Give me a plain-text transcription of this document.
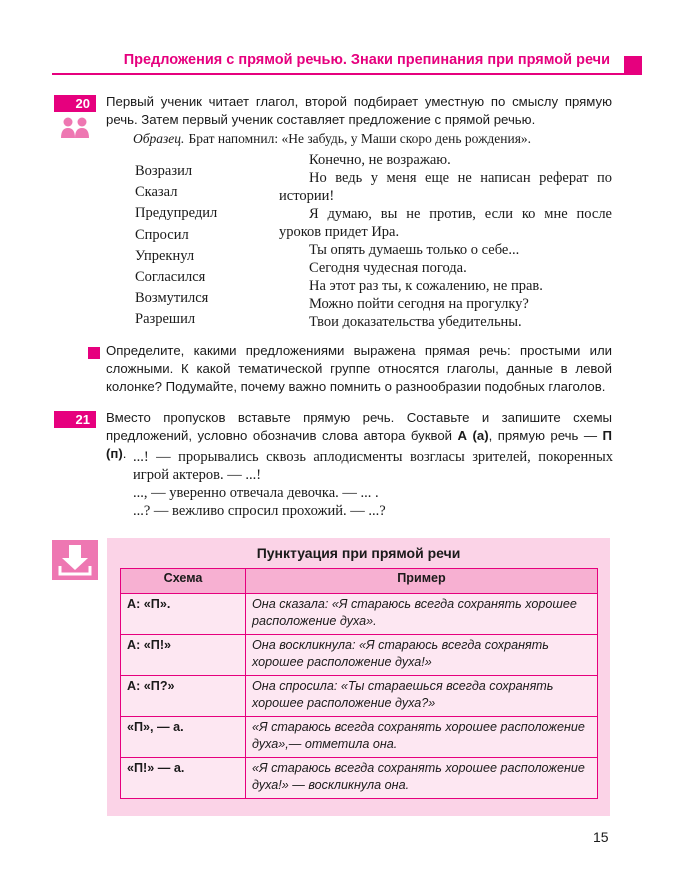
Предложения с прямой речью. Знаки препинания при прямой речи
20	Первый ученик читает глагол, второй подбирает уместную по смыслу прямую речь. Затем первый ученик составляет предложение с прямой речью.
Образец. Брат напомнил: «Не забудь, у Маши скоро день рождения».
Возразил
Сказал
Предупредил
Спросил
Упрекнул
Согласился
Возмутился
Разрешил
Конечно, не возражаю.
Но ведь у меня еще не написан реферат по истории!
Я думаю, вы не против, если ко мне после уроков придет Ира.
Ты опять думаешь только о себе...
Сегодня чудесная погода.
На этот раз ты, к сожалению, не прав.
Можно пойти сегодня на прогулку?
Твои доказательства убедительны.
Определите, какими предложениями выражена прямая речь: простыми или сложными. К какой тематической группе относятся глаголы, данные в левой колонке? Подумайте, почему важно помнить о разнообразии подобных глаголов.
21	Вместо пропусков вставьте прямую речь. Составьте и запишите схемы предложений, условно обозначив слова автора буквой А (а), прямую речь — П (п). ...! — прорывались сквозь аплодисменты возгласы зрителей, покоренных игрой актеров. — ...!
..., — уверенно отвечала девочка. — ... .
...? — вежливо спросил прохожий. — ...?
Пунктуация при прямой речи
Схема	Пример
А: «П».	Она сказала: «Я стараюсь всегда сохранять хорошее расположение духа».
А: «П!»	Она воскликнула: «Я стараюсь всегда сохранять хорошее расположение духа!»
А: «П?»	Она спросила: «Ты стараешься всегда сохранять хорошее расположение духа?»
«П», — а.	«Я стараюсь всегда сохранять хорошее расположение духа»,— отметила она.
«П!» — а.	«Я стараюсь всегда сохранять хорошее расположение духа!» — воскликнула она.
15
